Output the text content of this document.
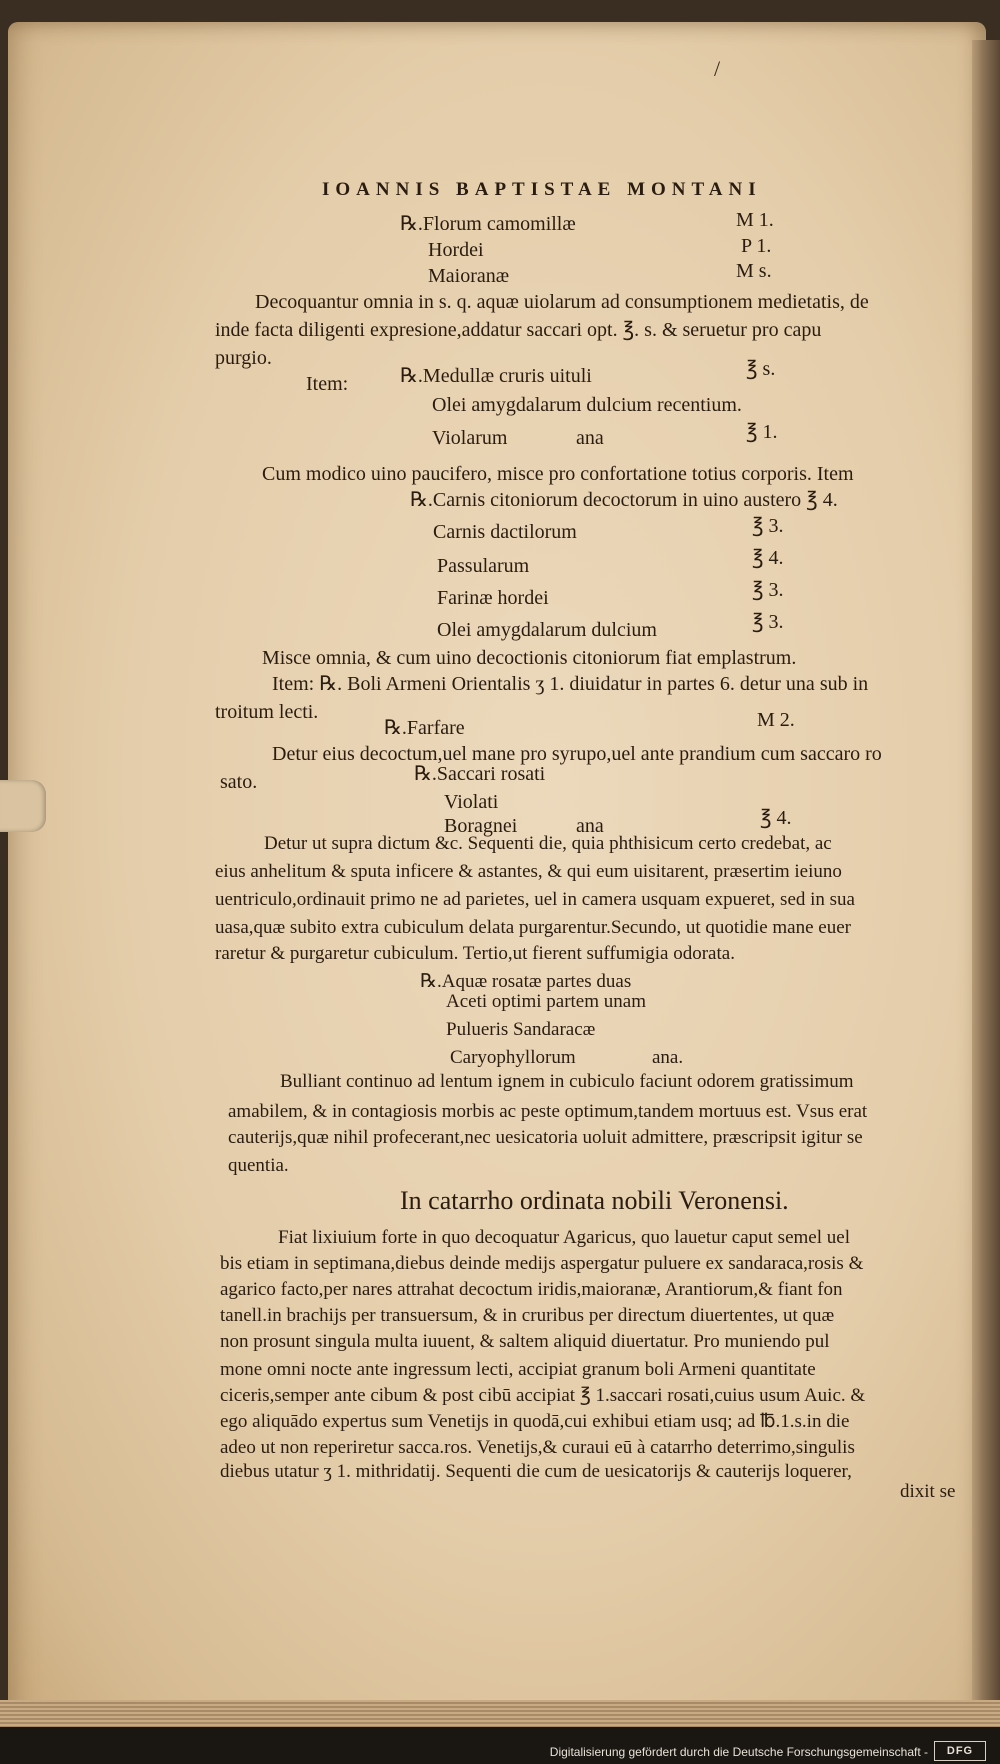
/
IOANNIS BAPTISTAE MONTANI
℞.Florum camomillæ	M 1.
Hordei	P 1.
Maioranæ	M s.
Decoquantur omnia in s. q. aquæ uiolarum ad consumptionem medietatis, de
inde facta diligenti expresione,addatur saccari opt. ℥. s. & seruetur pro capu
purgio.
Item:	℞.Medullæ cruris uituli	℥ s.
Olei amygdalarum dulcium recentium.
Violarum	ana	℥ 1.
Cum modico uino paucifero, misce pro confortatione totius corporis. Item
℞.Carnis citoniorum decoctorum in uino austero ℥ 4.
Carnis dactilorum	℥ 3.
Passularum	℥ 4.
Farinæ hordei	℥ 3.
Olei amygdalarum dulcium	℥ 3.
Misce omnia, & cum uino decoctionis citoniorum fiat emplastrum.
Item: ℞. Boli Armeni Orientalis ʒ 1. diuidatur in partes 6. detur una sub in
troitum lecti.
℞.Farfare	M 2.
Detur eius decoctum,uel mane pro syrupo,uel ante prandium cum saccaro ro
sato.	℞.Saccari rosati
Violati
Boragnei	ana	℥ 4.
Detur ut supra dictum &c. Sequenti die, quia phthisicum certo credebat, ac
eius anhelitum & sputa inficere & astantes, & qui eum uisitarent, præsertim ieiuno
uentriculo,ordinauit primo ne ad parietes, uel in camera usquam expueret, sed in sua
uasa,quæ subito extra cubiculum delata purgarentur.Secundo, ut quotidie mane euer
raretur & purgaretur cubiculum. Tertio,ut fierent suffumigia odorata.
℞.Aquæ rosatæ partes duas
Aceti optimi partem unam
Pulueris Sandaracæ
Caryophyllorum	ana.
Bulliant continuo ad lentum ignem in cubiculo faciunt odorem gratissimum
amabilem, & in contagiosis morbis ac peste optimum,tandem mortuus est. Vsus erat
cauterijs,quæ nihil profecerant,nec uesicatoria uoluit admittere, præscripsit igitur se
quentia.
In catarrho ordinata nobili Veronensi.
Fiat lixiuium forte in quo decoquatur Agaricus, quo lauetur caput semel uel
bis etiam in septimana,diebus deinde medijs aspergatur puluere ex sandaraca,rosis &
agarico facto,per nares attrahat decoctum iridis,maioranæ, Arantiorum,& fiant fon
tanell.in brachijs per transuersum, & in cruribus per directum diuertentes, ut quæ
non prosunt singula multa iuuent, & saltem aliquid diuertatur. Pro muniendo pul
mone omni nocte ante ingressum lecti, accipiat granum boli Armeni quantitate
ciceris,semper ante cibum & post cibū accipiat ℥ 1.saccari rosati,cuius usum Auic. &
ego aliquādo expertus sum Venetijs in quodā,cui exhibui etiam usq; ad ℔.1.s.in die
adeo ut non reperiretur sacca.ros. Venetijs,& curaui eū à catarrho deterrimo,singulis
diebus utatur ʒ 1. mithridatij. Sequenti die cum de uesicatorijs & cauterijs loquerer,
dixit se
Digitalisierung gefördert durch die Deutsche Forschungsgemeinschaft -	DFG
